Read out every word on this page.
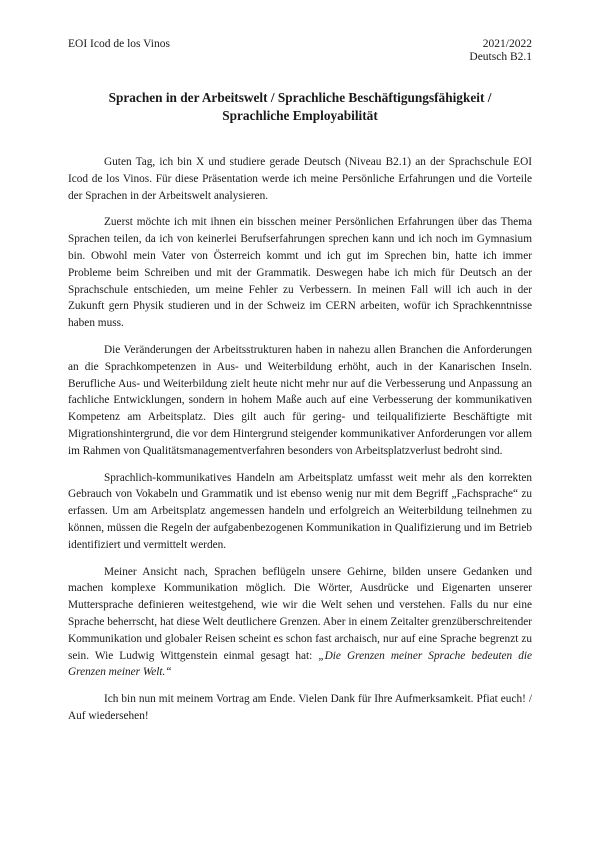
EOI Icod de los Vinos	2021/2022
Deutsch B2.1
Sprachen in der Arbeitswelt / Sprachliche Beschäftigungsfähigkeit /
Sprachliche Employabilität

Guten Tag, ich bin X und studiere gerade Deutsch (Niveau B2.1) an der Sprachschule EOI Icod de los Vinos. Für diese Präsentation werde ich meine Persönliche Erfahrungen und die Vorteile der Sprachen in der Arbeitswelt analysieren.

Zuerst möchte ich mit ihnen ein bisschen meiner Persönlichen Erfahrungen über das Thema Sprachen teilen, da ich von keinerlei Berufserfahrungen sprechen kann und ich noch im Gymnasium bin. Obwohl mein Vater von Österreich kommt und ich gut im Sprechen bin, hatte ich immer Probleme beim Schreiben und mit der Grammatik. Deswegen habe ich mich für Deutsch an der Sprachschule entschieden, um meine Fehler zu Verbessern. In meinen Fall will ich auch in der Zukunft gern Physik studieren und in der Schweiz im CERN arbeiten, wofür ich Sprachkenntnisse haben muss.

Die Veränderungen der Arbeitsstrukturen haben in nahezu allen Branchen die Anforderungen an die Sprachkompetenzen in Aus- und Weiterbildung erhöht, auch in der Kanarischen Inseln. Berufliche Aus- und Weiterbildung zielt heute nicht mehr nur auf die Verbesserung und Anpassung an fachliche Entwicklungen, sondern in hohem Maße auch auf eine Verbesserung der kommunikativen Kompetenz am Arbeitsplatz. Dies gilt auch für gering- und teilqualifizierte Beschäftigte mit Migrationshintergrund, die vor dem Hintergrund steigender kommunikativer Anforderungen vor allem im Rahmen von Qualitätsmanagementverfahren besonders von Arbeitsplatzverlust bedroht sind.

Sprachlich-kommunikatives Handeln am Arbeitsplatz umfasst weit mehr als den korrekten Gebrauch von Vokabeln und Grammatik und ist ebenso wenig nur mit dem Begriff „Fachsprache“ zu erfassen. Um am Arbeitsplatz angemessen handeln und erfolgreich an Weiterbildung teilnehmen zu können, müssen die Regeln der aufgabenbezogenen Kommunikation in Qualifizierung und im Betrieb identifiziert und vermittelt werden.

Meiner Ansicht nach, Sprachen beflügeln unsere Gehirne, bilden unsere Gedanken und machen komplexe Kommunikation möglich. Die Wörter, Ausdrücke und Eigenarten unserer Muttersprache definieren weitestgehend, wie wir die Welt sehen und verstehen. Falls du nur eine Sprache beherrscht, hat diese Welt deutlichere Grenzen. Aber in einem Zeitalter grenzüberschreitender Kommunikation und globaler Reisen scheint es schon fast archaisch, nur auf eine Sprache begrenzt zu sein. Wie Ludwig Wittgenstein einmal gesagt hat: „Die Grenzen meiner Sprache bedeuten die Grenzen meiner Welt.“

Ich bin nun mit meinem Vortrag am Ende. Vielen Dank für Ihre Aufmerksamkeit. Pfiat euch! / Auf wiedersehen!
